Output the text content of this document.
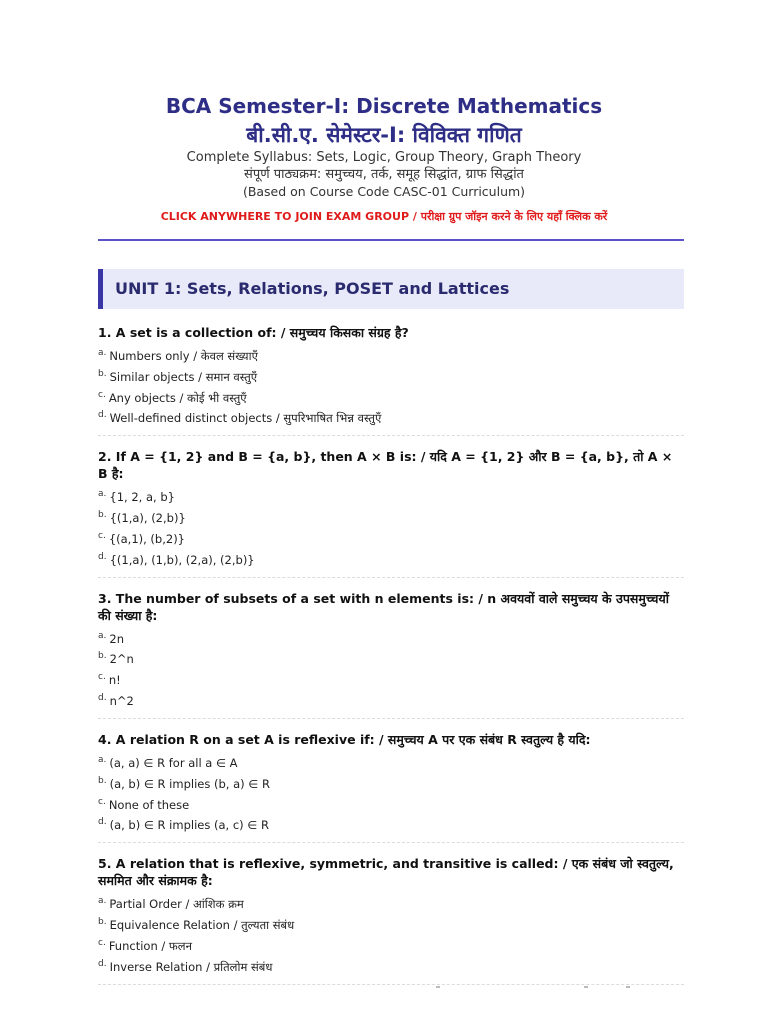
BCA Semester-I: Discrete Mathematics
बी.सी.ए. सेमेस्टर-I: विविक्त गणित
Complete Syllabus: Sets, Logic, Group Theory, Graph Theory
संपूर्ण पाठ्यक्रम: समुच्चय, तर्क, समूह सिद्धांत, ग्राफ सिद्धांत
(Based on Course Code CASC-01 Curriculum)
CLICK ANYWHERE TO JOIN EXAM GROUP / परीक्षा ग्रुप जॉइन करने के लिए यहाँ क्लिक करें
UNIT 1: Sets, Relations, POSET and Lattices
1. A set is a collection of: / समुच्चय किसका संग्रह है?
$^{a.}$ Numbers only / केवल संख्याएँ
$^{b.}$ Similar objects / समान वस्तुएँ
$^{c.}$ Any objects / कोई भी वस्तुएँ
$^{d.}$ Well-defined distinct objects / सुपरिभाषित भिन्न वस्तुएँ
2. If A = {1, 2} and B = {a, b}, then A × B is: / यदि A = {1, 2} और B = {a, b}, तो A × B है:
$^{a.}$ {1, 2, a, b}
$^{b.}$ {(1,a), (2,b)}
$^{c.}$ {(a,1), (b,2)}
$^{d.}$ {(1,a), (1,b), (2,a), (2,b)}
3. The number of subsets of a set with n elements is: / n अवयवों वाले समुच्चय के उपसमुच्चयों की संख्या है:
$^{a.}$ 2n
$^{b.}$ 2^n
$^{c.}$ n!
$^{d.}$ n^2
4. A relation R on a set A is reflexive if: / समुच्चय A पर एक संबंध R स्वतुल्य है यदि:
$^{a.}$ (a, a) ∈ R for all a ∈ A
$^{b.}$ (a, b) ∈ R implies (b, a) ∈ R
$^{c.}$ None of these
$^{d.}$ (a, b) ∈ R implies (a, c) ∈ R
5. A relation that is reflexive, symmetric, and transitive is called: / एक संबंध जो स्वतुल्य, सममित और संक्रामक है:
$^{a.}$ Partial Order / आंशिक क्रम
$^{b.}$ Equivalence Relation / तुल्यता संबंध
$^{c.}$ Function / फलन
$^{d.}$ Inverse Relation / प्रतिलोम संबंध
